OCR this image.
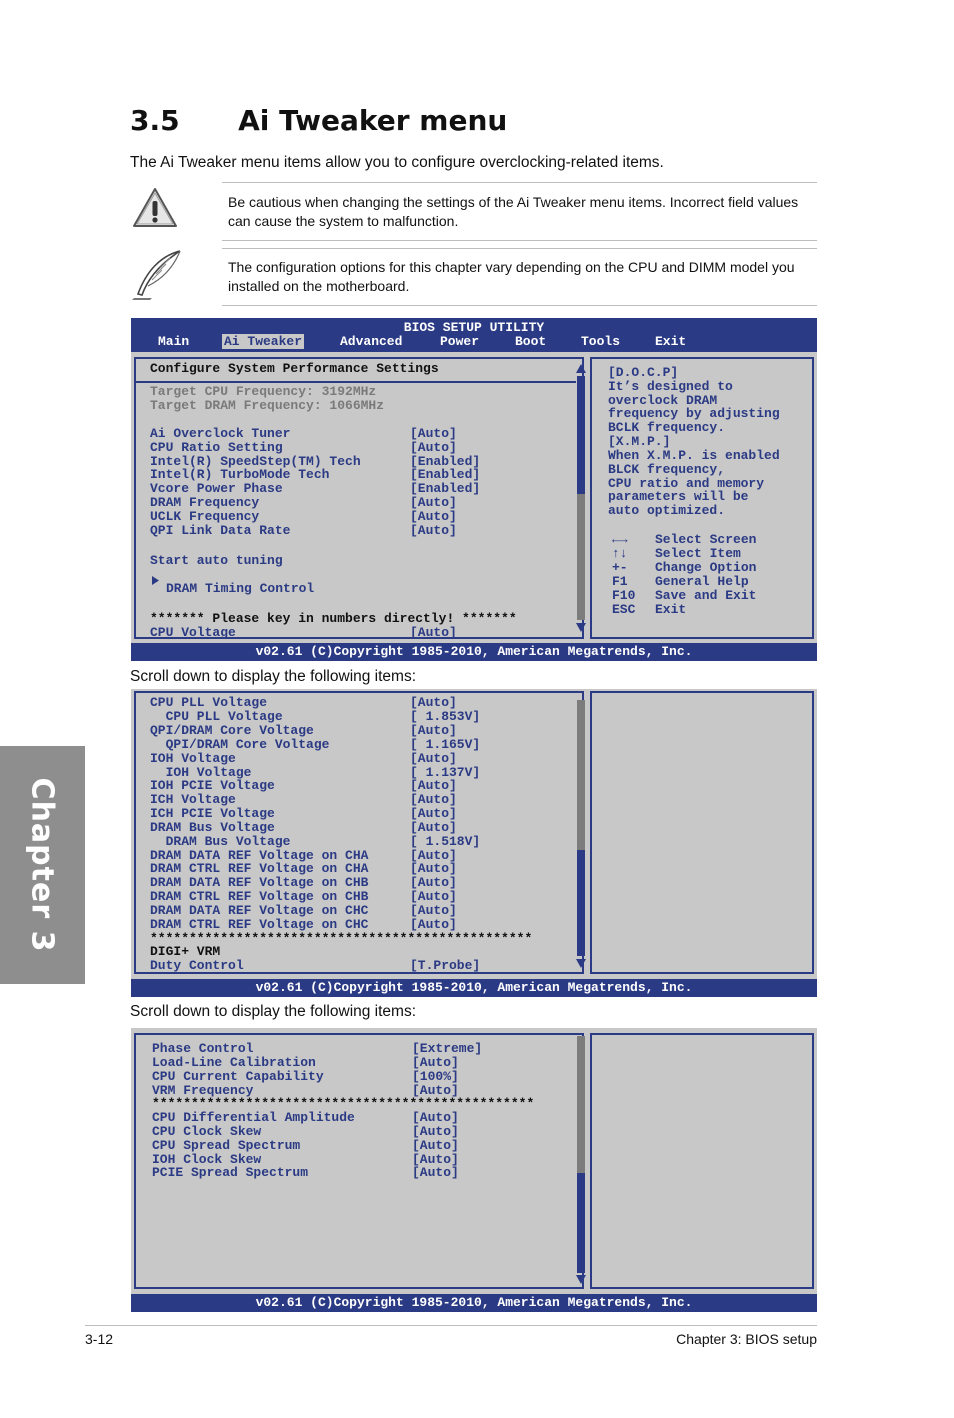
Chapter 3
3.5      Ai Tweaker menu
The Ai Tweaker menu items allow you to configure overclocking-related items.
Be cautious when changing the settings of the Ai Tweaker menu items. Incorrect field values can cause the system to malfunction.
The configuration options for this chapter vary depending on the CPU and DIMM model you installed on the motherboard.
BIOS SETUP UTILITY
Main	Ai Tweaker	Advanced	Power	Boot	Tools	Exit
Configure System Performance Settings
Target CPU Frequency: 3192MHz
Target DRAM Frequency: 1066MHz
Ai Overclock Tuner	[Auto]
CPU Ratio Setting	[Auto]
Intel(R) SpeedStep(TM) Tech	[Enabled]
Intel(R) TurboMode Tech	[Enabled]
Vcore Power Phase	[Enabled]
DRAM Frequency	[Auto]
UCLK Frequency	[Auto]
QPI Link Data Rate	[Auto]
Start auto tuning
DRAM Timing Control
******* Please key in numbers directly! *******
CPU Voltage	[Auto]
[D.O.C.P]
It’s designed to
overclock DRAM
frequency by adjusting
BCLK frequency.
[X.M.P.]
When X.M.P. is enabled
BLCK frequency,
CPU ratio and memory
parameters will be
auto optimized.
←→ Select Screen
↑↓ Select Item
+- Change Option
F1 General Help
F10 Save and Exit
ESC Exit
v02.61 (C)Copyright 1985-2010, American Megatrends, Inc.
Scroll down to display the following items:
CPU PLL Voltage	[Auto]
CPU PLL Voltage	[ 1.853V]
QPI/DRAM Core Voltage	[Auto]
QPI/DRAM Core Voltage	[ 1.165V]
IOH Voltage	[Auto]
IOH Voltage	[ 1.137V]
IOH PCIE Voltage	[Auto]
ICH Voltage	[Auto]
ICH PCIE Voltage	[Auto]
DRAM Bus Voltage	[Auto]
DRAM Bus Voltage	[ 1.518V]
DRAM DATA REF Voltage on CHA	[Auto]
DRAM CTRL REF Voltage on CHA	[Auto]
DRAM DATA REF Voltage on CHB	[Auto]
DRAM CTRL REF Voltage on CHB	[Auto]
DRAM DATA REF Voltage on CHC	[Auto]
DRAM CTRL REF Voltage on CHC	[Auto]
*************************************************
DIGI+ VRM
Duty Control	[T.Probe]
v02.61 (C)Copyright 1985-2010, American Megatrends, Inc.
Scroll down to display the following items:
Phase Control	[Extreme]
Load-Line Calibration	[Auto]
CPU Current Capability	[100%]
VRM Frequency	[Auto]
*************************************************
CPU Differential Amplitude	[Auto]
CPU Clock Skew	[Auto]
CPU Spread Spectrum	[Auto]
IOH Clock Skew	[Auto]
PCIE Spread Spectrum	[Auto]
v02.61 (C)Copyright 1985-2010, American Megatrends, Inc.
3-12	Chapter 3: BIOS setup
